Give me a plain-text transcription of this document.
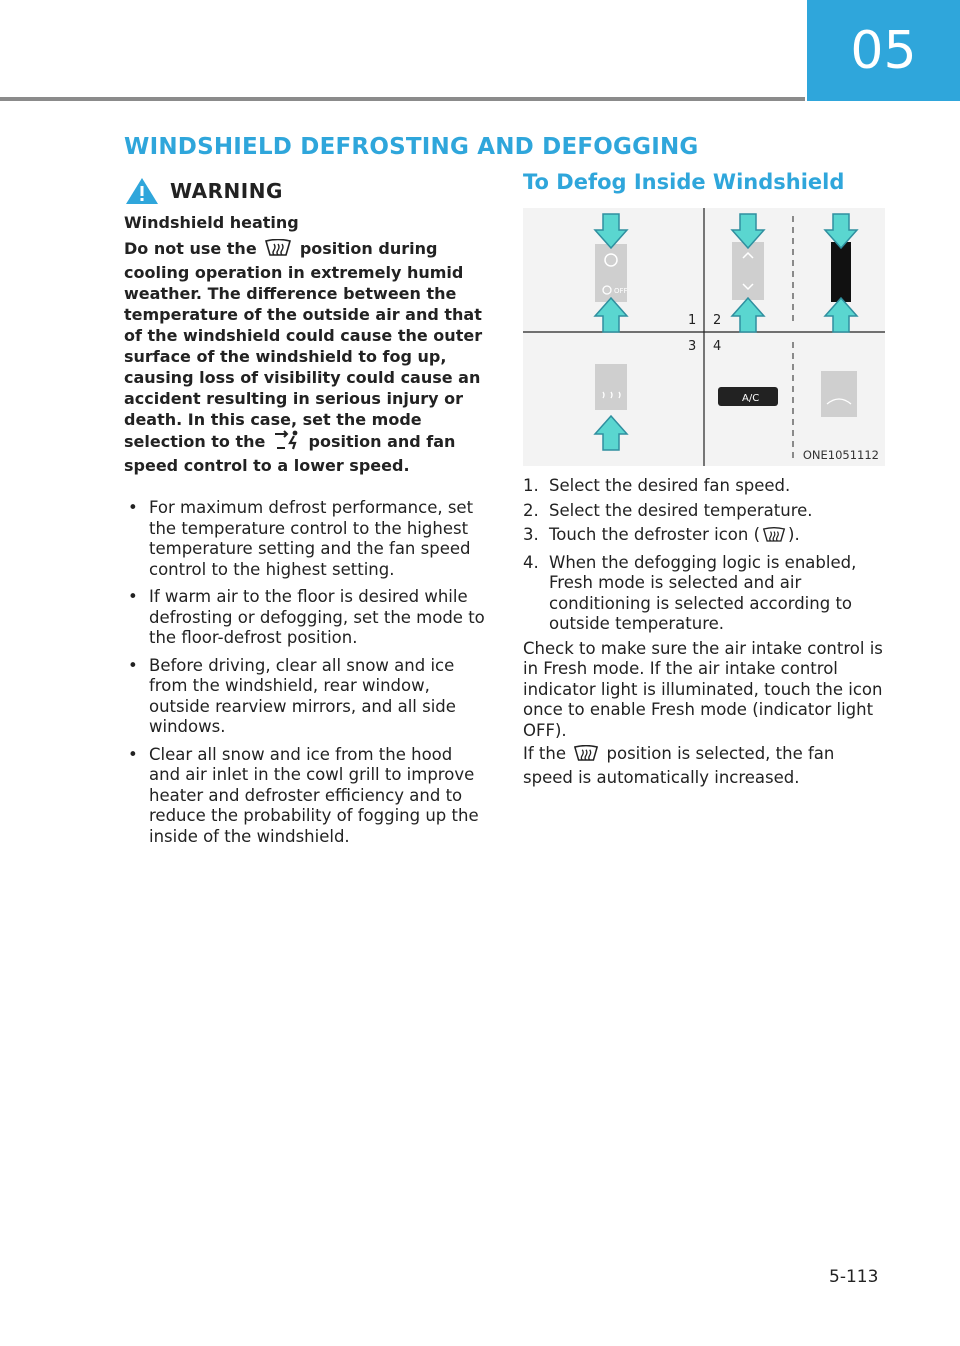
05
WINDSHIELD DEFROSTING AND DEFOGGING
WARNING
Windshield heating
Do not use the	position during cooling operation in extremely humid weather. The difference between the temperature of the outside air and that of the windshield could cause the outer surface of the windshield to fog up, causing loss of visibility could cause an accident resulting in serious injury or death. In this case, set the mode selection to the	position and fan speed control to a lower speed.
• For maximum defrost performance, set the temperature control to the highest temperature setting and the fan speed control to the highest setting.
• If warm air to the floor is desired while defrosting or defogging, set the mode to the floor-defrost position.
• Before driving, clear all snow and ice from the windshield, rear window, outside rearview mirrors, and all side windows.
• Clear all snow and ice from the hood and air inlet in the cowl grill to improve heater and defroster efficiency and to reduce the probability of fogging up the inside of the windshield.
To Defog Inside Windshield
OFF
A/C
1 2
3 4
ONE1051112
1. Select the desired fan speed.
2. Select the desired temperature.
3. Touch the defroster icon ( ).
4. When the defogging logic is enabled, Fresh mode is selected and air conditioning is selected according to outside temperature.
Check to make sure the air intake control is in Fresh mode. If the air intake control indicator light is illuminated, touch the icon once to enable Fresh mode (indicator light OFF).
If the position is selected, the fan speed is automatically increased.
5-113
